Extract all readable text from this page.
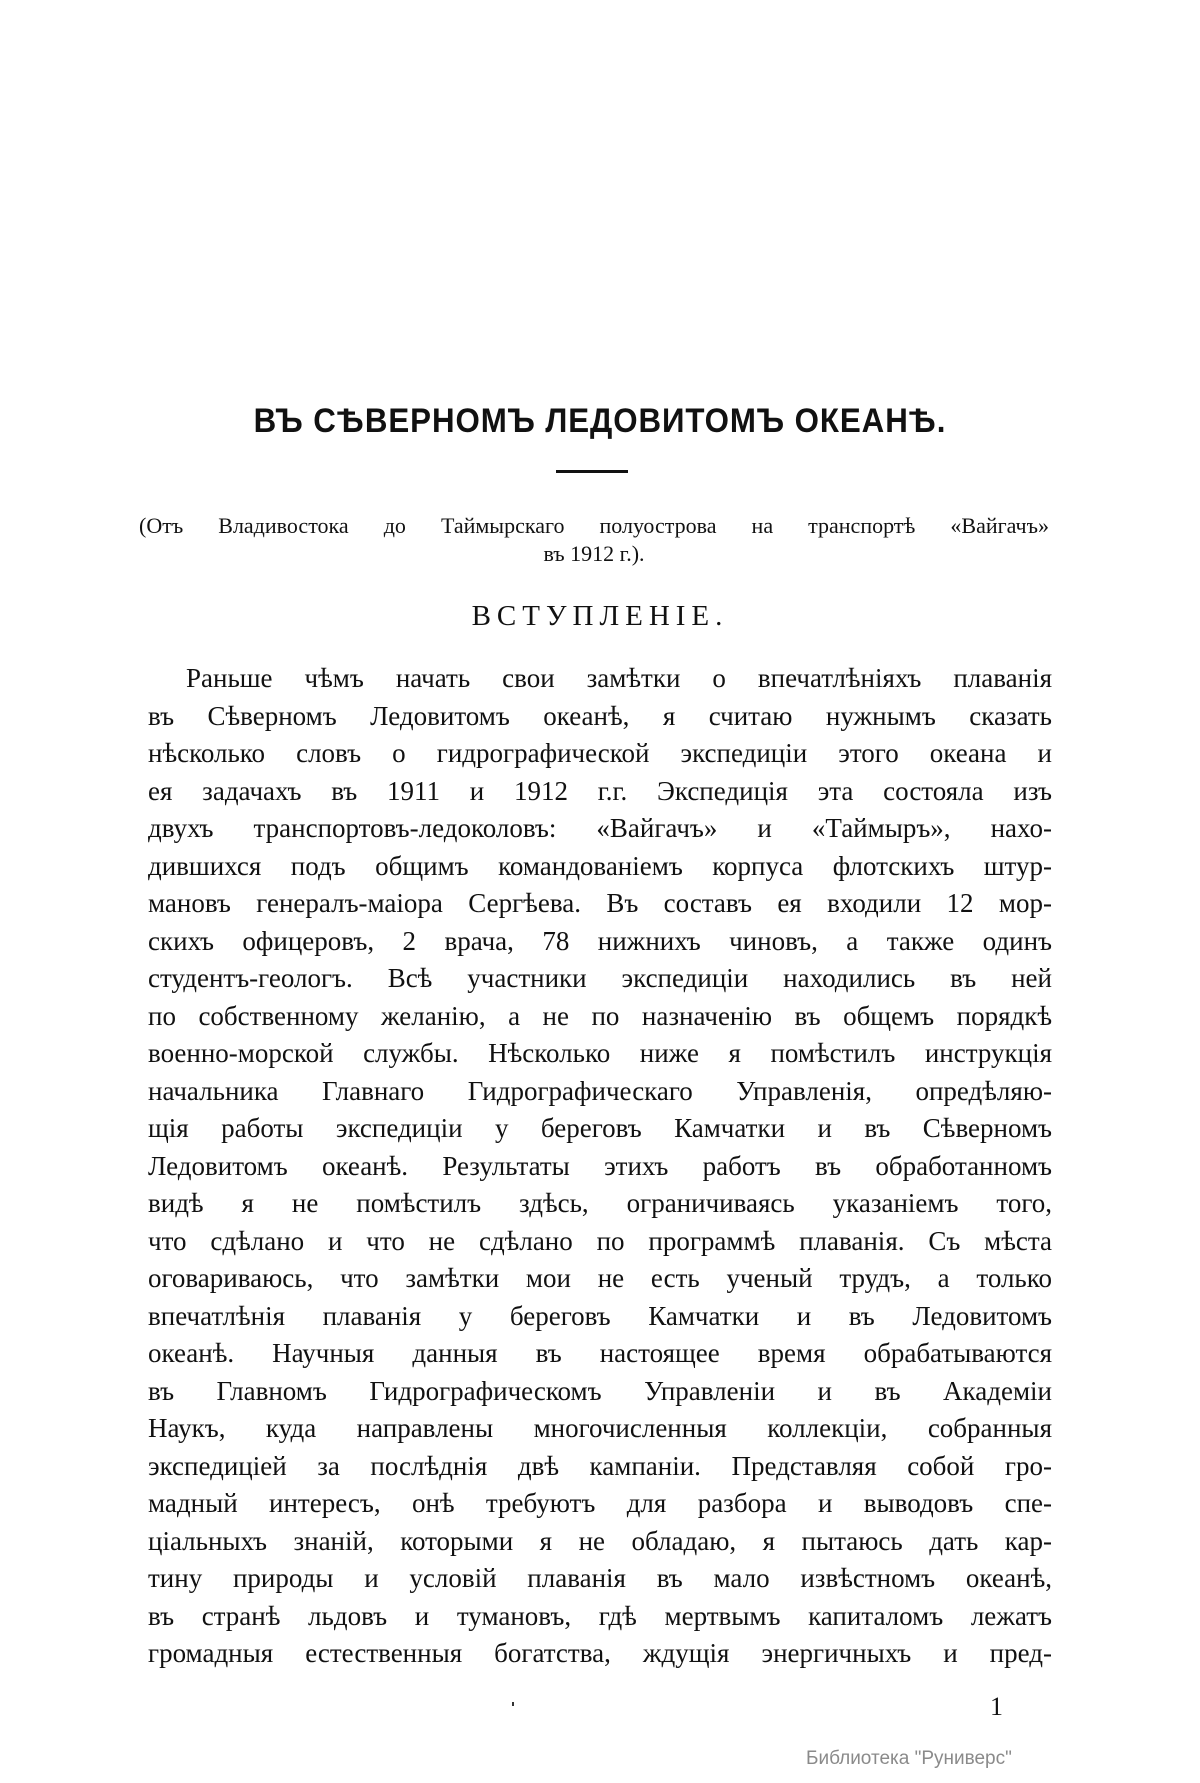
ВЪ СѢВЕРНОМЪ ЛЕДОВИТОМЪ ОКЕАНѢ.
(Отъ Владивостока до Таймырскаго полуострова на транспортѣ «Вайгачъ»
въ 1912 г.).
ВСТУПЛЕНІЕ.
Раньше чѣмъ начать свои замѣтки о впечатлѣніяхъ плаванія
въ Сѣверномъ Ледовитомъ океанѣ, я считаю нужнымъ сказать
нѣсколько словъ о гидрографической экспедиціи этого океана и
ея задачахъ въ 1911 и 1912 г.г. Экспедиція эта состояла изъ
двухъ транспортовъ-ледоколовъ: «Вайгачъ» и «Таймыръ», нахо-
дившихся подъ общимъ командованіемъ корпуса флотскихъ штур-
мановъ генералъ-маіора Сергѣева. Въ составъ ея входили 12 мор-
скихъ офицеровъ, 2 врача, 78 нижнихъ чиновъ, а также одинъ
студентъ-геологъ. Всѣ участники экспедиціи находились въ ней
по собственному желанію, а не по назначенію въ общемъ порядкѣ
военно-морской службы. Нѣсколько ниже я помѣстилъ инструкція
начальника Главнаго Гидрографическаго Управленія, опредѣляю-
щія работы экспедиціи у береговъ Камчатки и въ Сѣверномъ
Ледовитомъ океанѣ. Результаты этихъ работъ въ обработанномъ
видѣ я не помѣстилъ здѣсь, ограничиваясь указаніемъ того,
что сдѣлано и что не сдѣлано по программѣ плаванія. Съ мѣста
оговариваюсь, что замѣтки мои не есть ученый трудъ, а только
впечатлѣнія плаванія у береговъ Камчатки и въ Ледовитомъ
океанѣ. Научныя данныя въ настоящее время обрабатываются
въ Главномъ Гидрографическомъ Управленіи и въ Академіи
Наукъ, куда направлены многочисленныя коллекціи, собранныя
экспедиціей за послѣднія двѣ кампаніи. Представляя собой гро-
мадный интересъ, онѣ требуютъ для разбора и выводовъ спе-
ціальныхъ знаній, которыми я не обладаю, я пытаюсь дать кар-
тину природы и условій плаванія въ мало извѣстномъ океанѣ,
въ странѣ льдовъ и тумановъ, гдѣ мертвымъ капиталомъ лежатъ
громадныя естественныя богатства, ждущія энергичныхъ и пред-
1
Библиотека "Руниверс"
